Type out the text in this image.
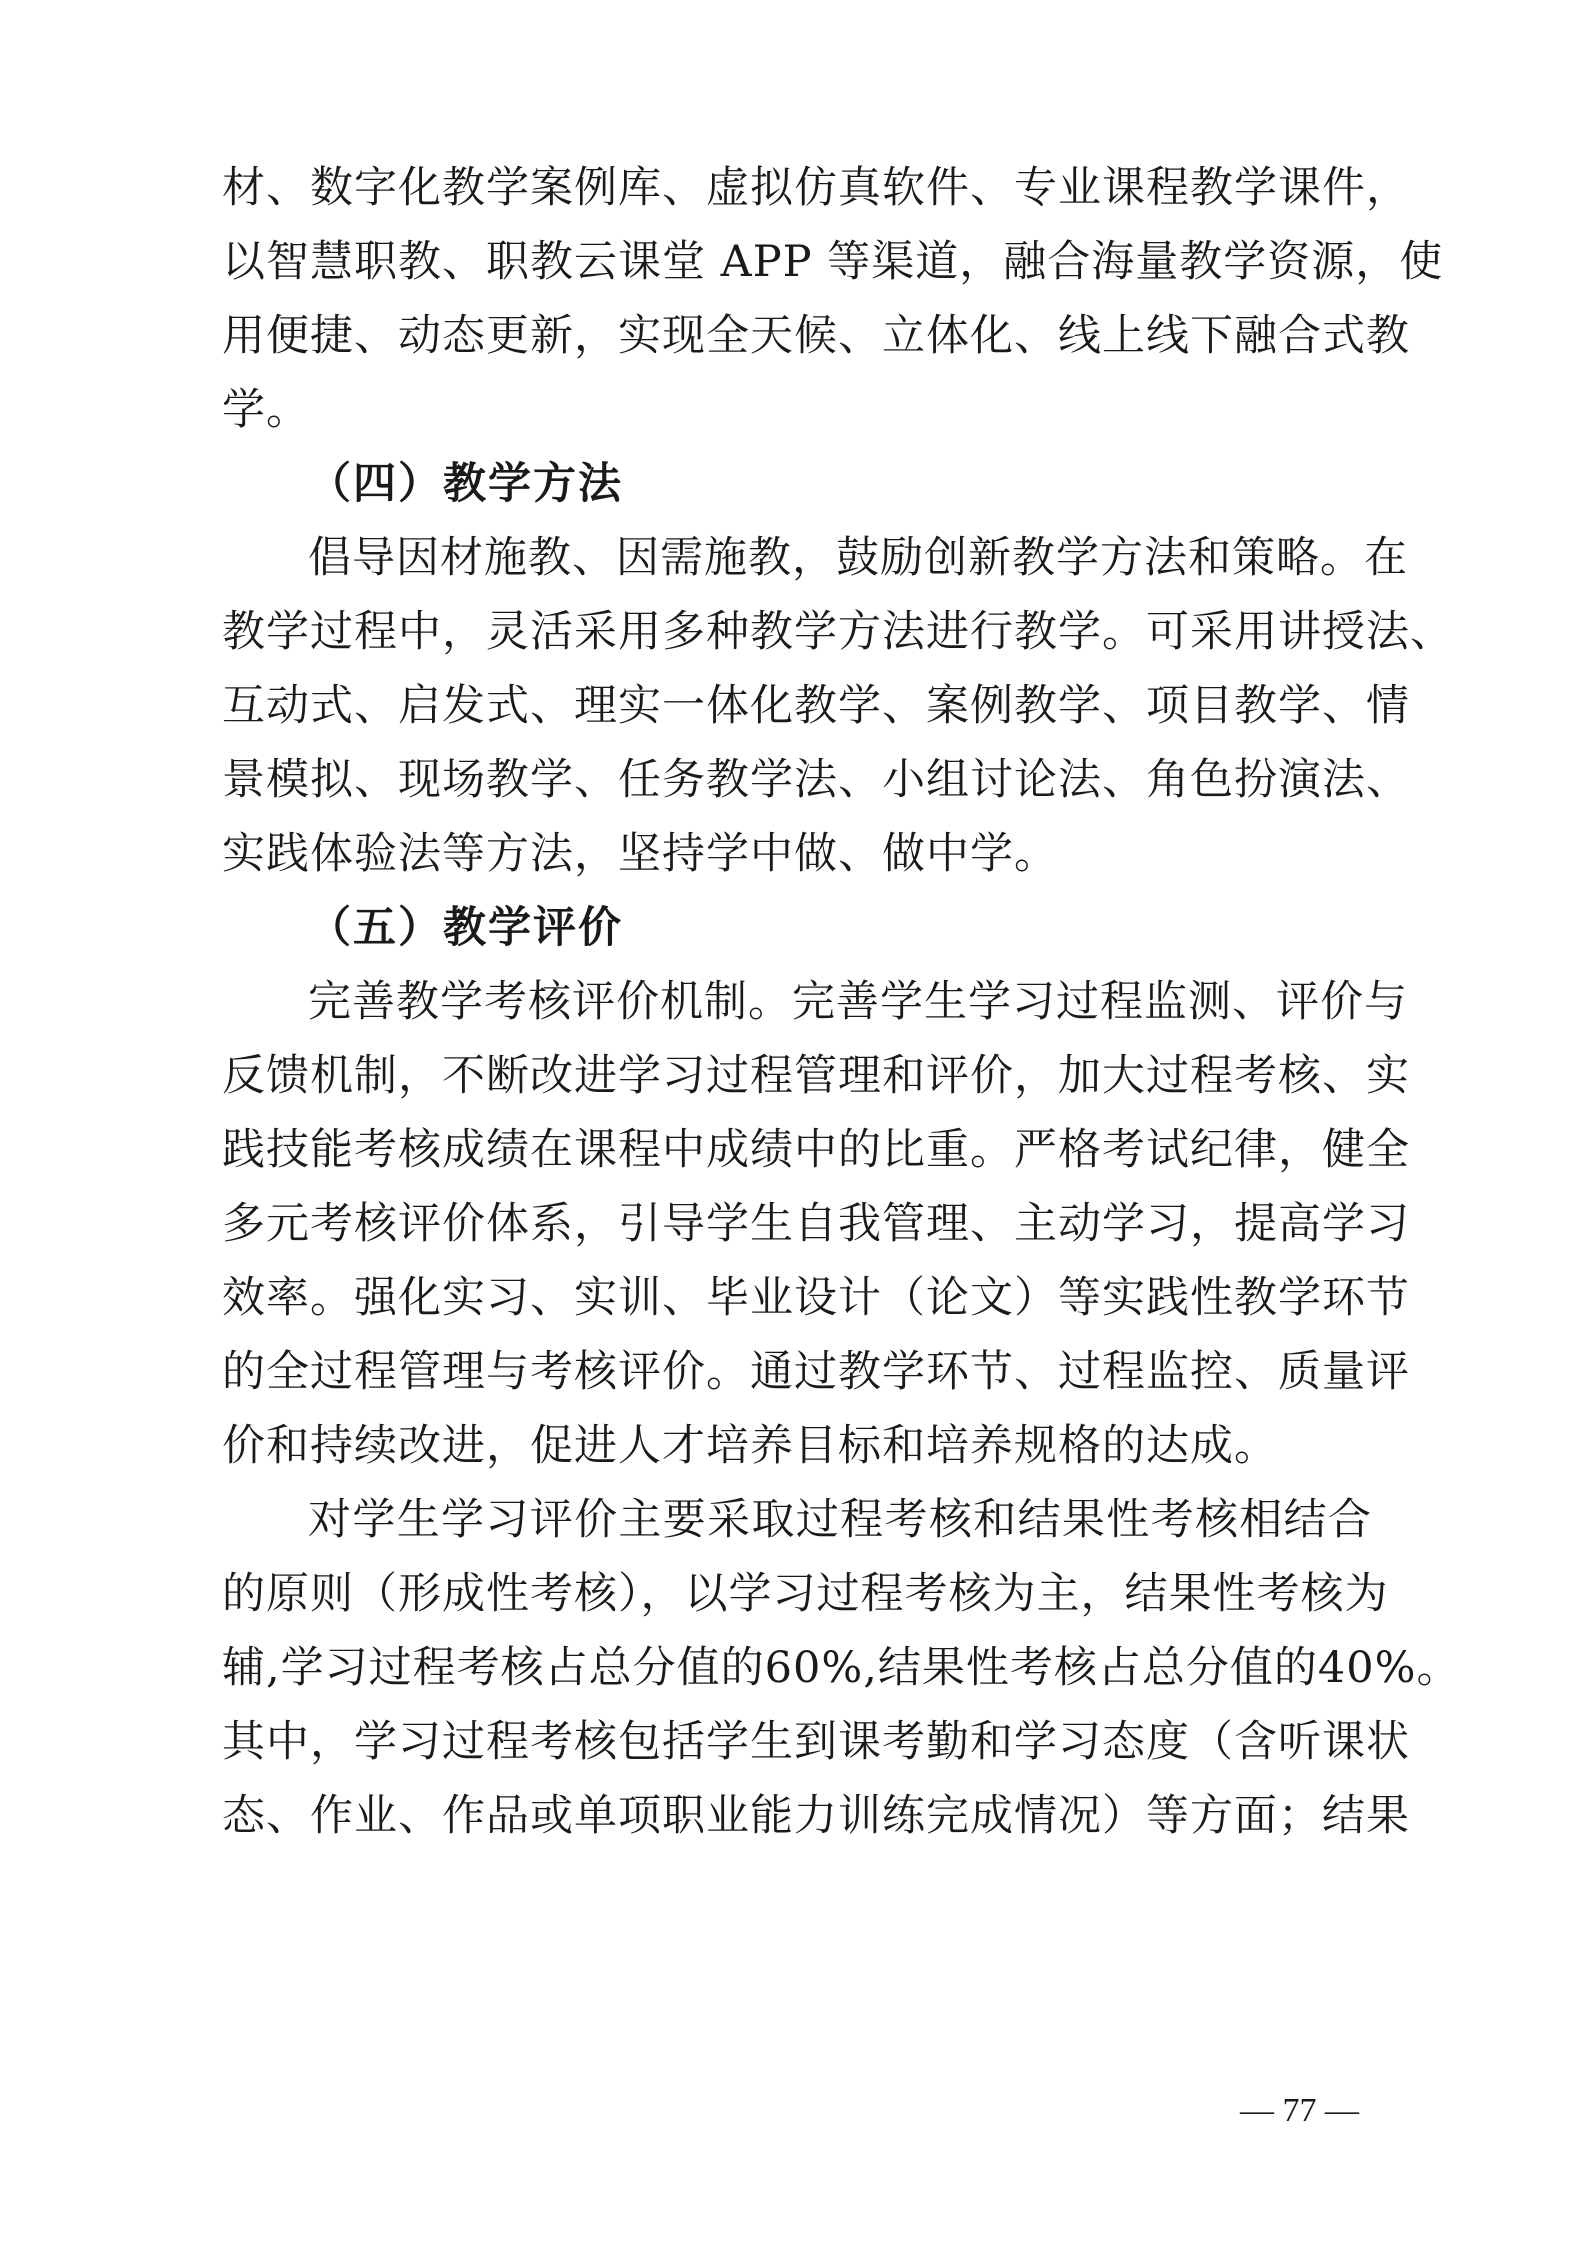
材、数字化教学案例库、虚拟仿真软件、专业课程教学课件，
以智慧职教、职教云课堂 APP 等渠道，融合海量教学资源，使
用便捷、动态更新，实现全天候、立体化、线上线下融合式教
学。
（四）教学方法
倡导因材施教、因需施教，鼓励创新教学方法和策略。在
教学过程中，灵活采用多种教学方法进行教学。可采用讲授法、
互动式、启发式、理实一体化教学、案例教学、项目教学、情
景模拟、现场教学、任务教学法、小组讨论法、角色扮演法、
实践体验法等方法，坚持学中做、做中学。
（五）教学评价
完善教学考核评价机制。完善学生学习过程监测、评价与
反馈机制，不断改进学习过程管理和评价，加大过程考核、实
践技能考核成绩在课程中成绩中的比重。严格考试纪律，健全
多元考核评价体系，引导学生自我管理、主动学习，提高学习
效率。强化实习、实训、毕业设计（论文）等实践性教学环节
的全过程管理与考核评价。通过教学环节、过程监控、质量评
价和持续改进，促进人才培养目标和培养规格的达成。
对学生学习评价主要采取过程考核和结果性考核相结合
的原则（形成性考核），以学习过程考核为主，结果性考核为
辅,学习过程考核占总分值的60%,结果性考核占总分值的40%。
其中，学习过程考核包括学生到课考勤和学习态度（含听课状
态、作业、作品或单项职业能力训练完成情况）等方面；结果
— 77 —
